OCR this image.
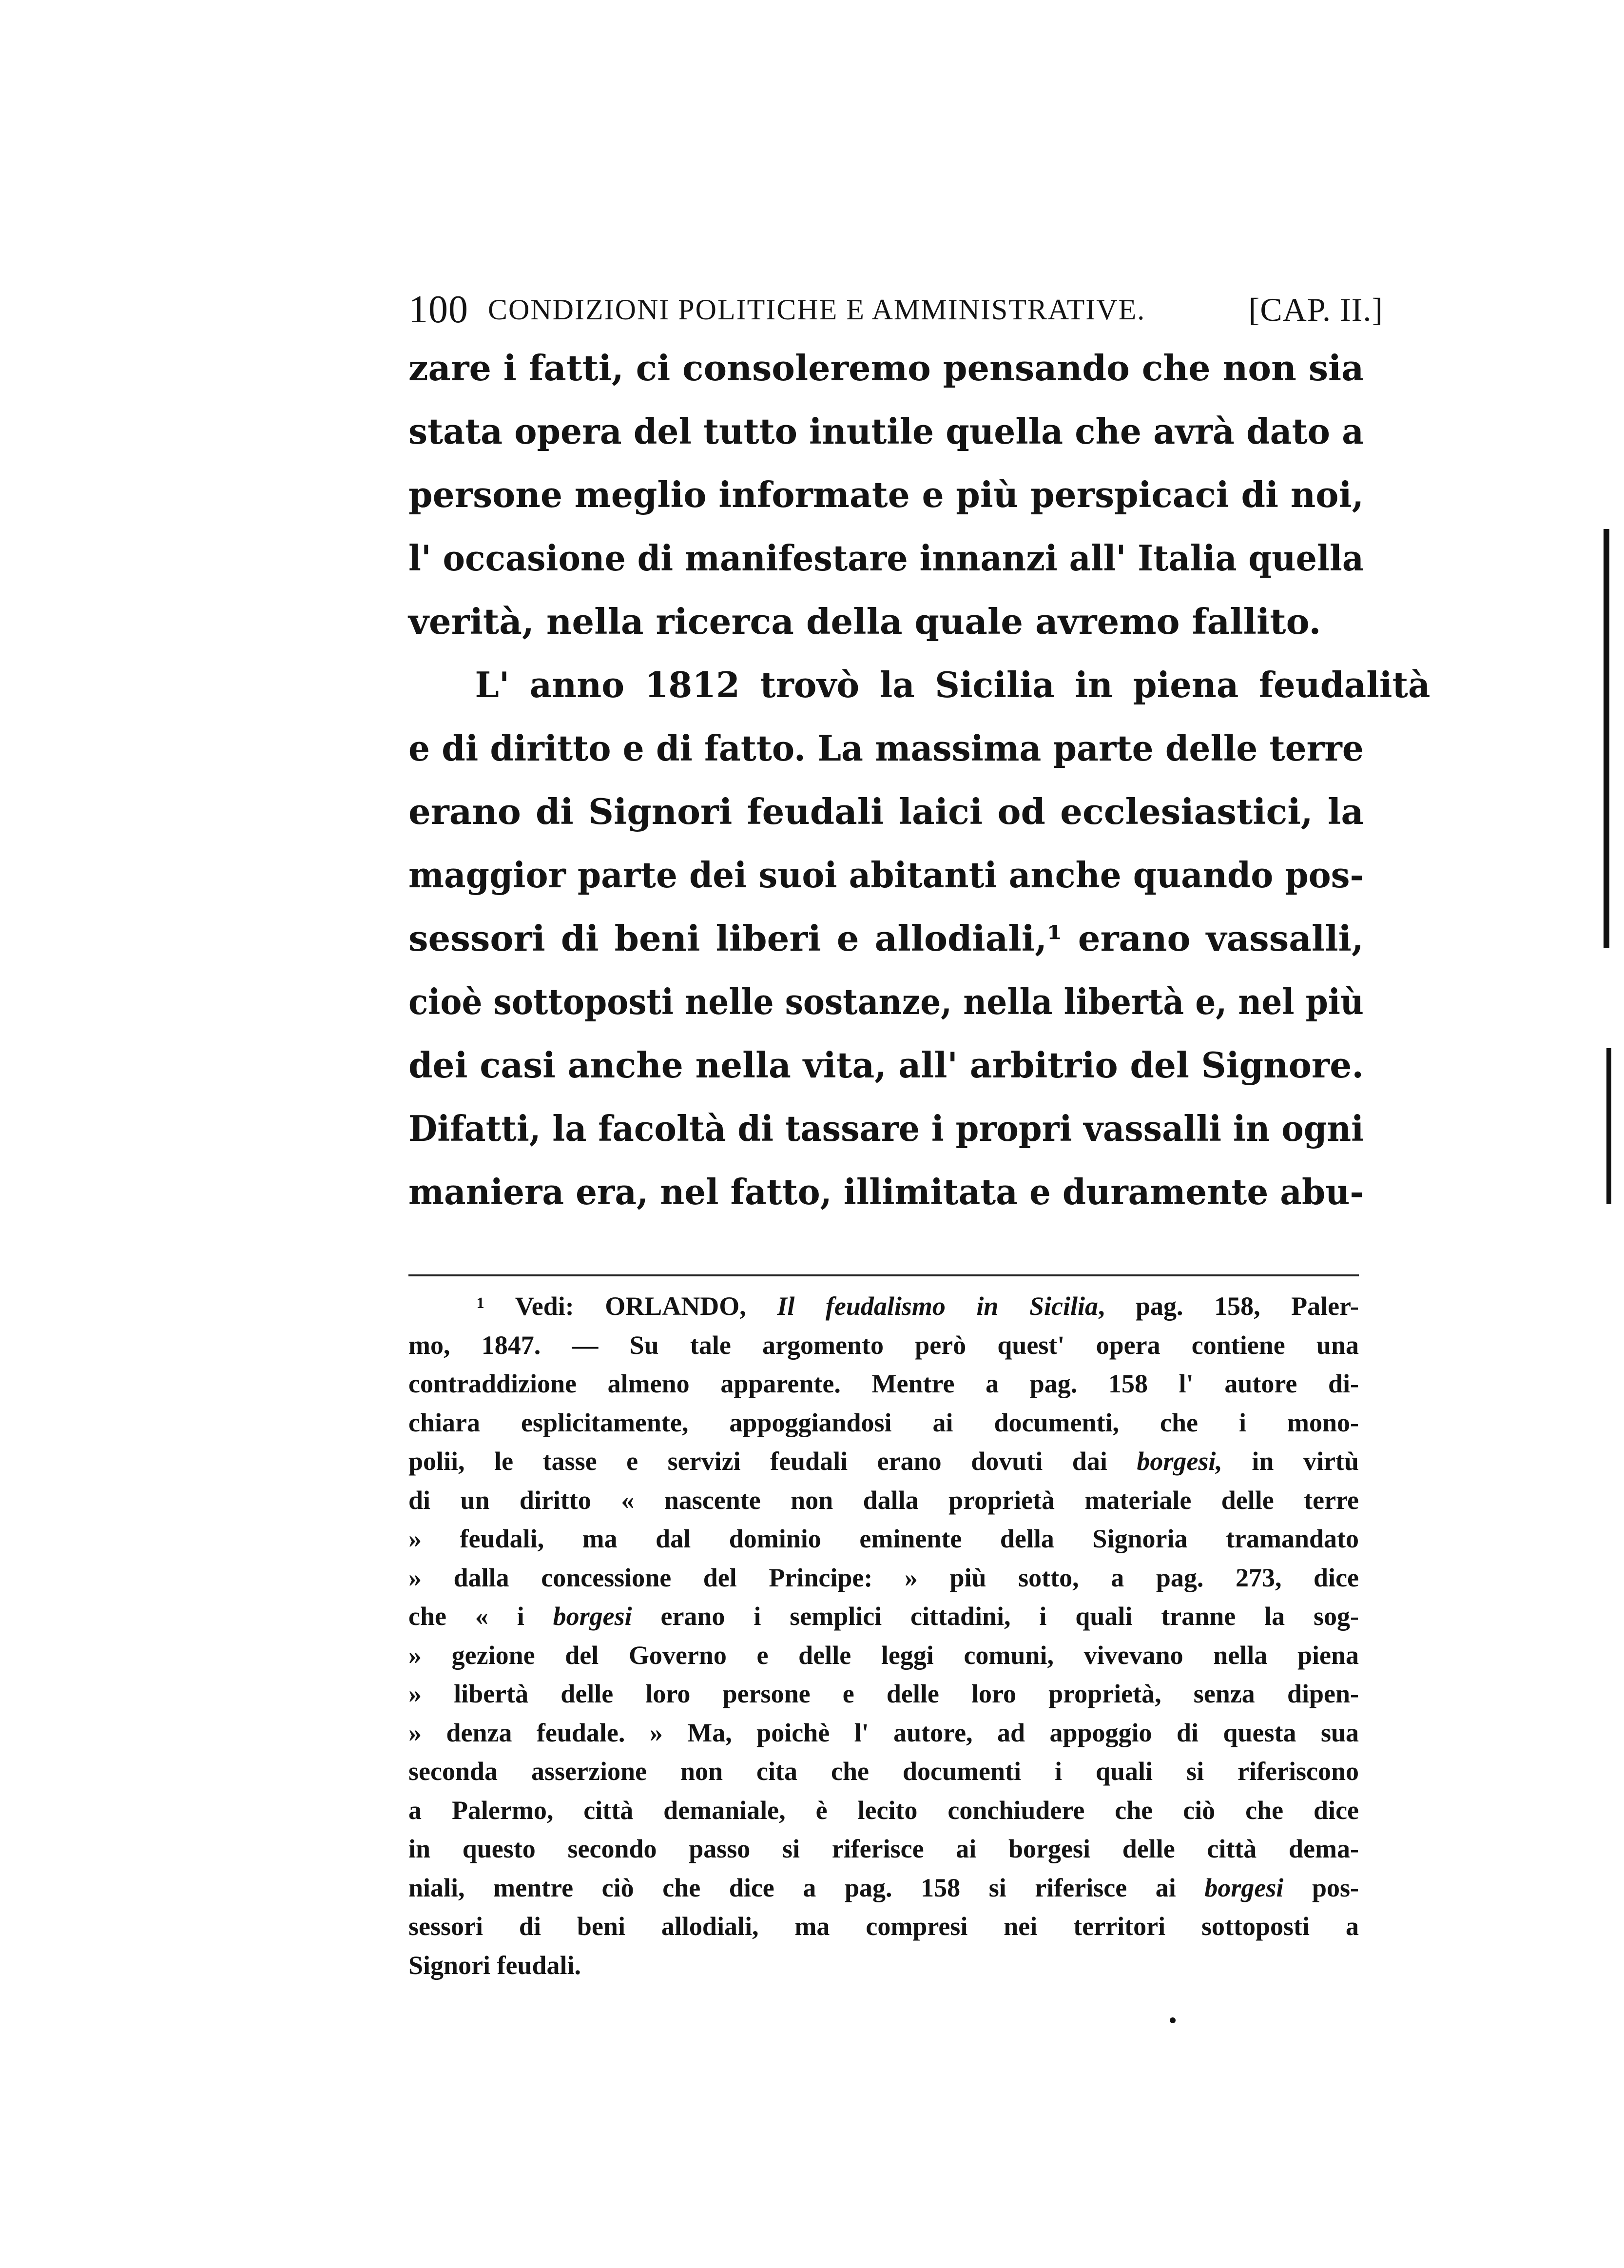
100 CONDIZIONI POLITICHE E AMMINISTRATIVE.	[CAP. II.]
zare i fatti, ci consoleremo pensando che non sia
stata opera del tutto inutile quella che avrà dato a
persone meglio informate e più perspicaci di noi,
l' occasione di manifestare innanzi all' Italia quella
verità, nella ricerca della quale avremo fallito.
L' anno 1812 trovò la Sicilia in piena feudalità
e di diritto e di fatto. La massima parte delle terre
erano di Signori feudali laici od ecclesiastici, la
maggior parte dei suoi abitanti anche quando pos-
sessori di beni liberi e allodiali,¹ erano vassalli,
cioè sottoposti nelle sostanze, nella libertà e, nel più
dei casi anche nella vita, all' arbitrio del Signore.
Difatti, la facoltà di tassare i propri vassalli in ogni
maniera era, nel fatto, illimitata e duramente abu-
¹ Vedi: ORLANDO, Il feudalismo in Sicilia, pag. 158, Paler-
mo, 1847. — Su tale argomento però quest' opera contiene una
contraddizione almeno apparente. Mentre a pag. 158 l' autore di-
chiara esplicitamente, appoggiandosi ai documenti, che i mono-
polii, le tasse e servizi feudali erano dovuti dai borgesi, in virtù
di un diritto « nascente non dalla proprietà materiale delle terre
» feudali, ma dal dominio eminente della Signoria tramandato
» dalla concessione del Principe: » più sotto, a pag. 273, dice
che « i borgesi erano i semplici cittadini, i quali tranne la sog-
» gezione del Governo e delle leggi comuni, vivevano nella piena
» libertà delle loro persone e delle loro proprietà, senza dipen-
» denza feudale. » Ma, poichè l' autore, ad appoggio di questa sua
seconda asserzione non cita che documenti i quali si riferiscono
a Palermo, città demaniale, è lecito conchiudere che ciò che dice
in questo secondo passo si riferisce ai borgesi delle città dema-
niali, mentre ciò che dice a pag. 158 si riferisce ai borgesi pos-
sessori di beni allodiali, ma compresi nei territori sottoposti a
Signori feudali.
